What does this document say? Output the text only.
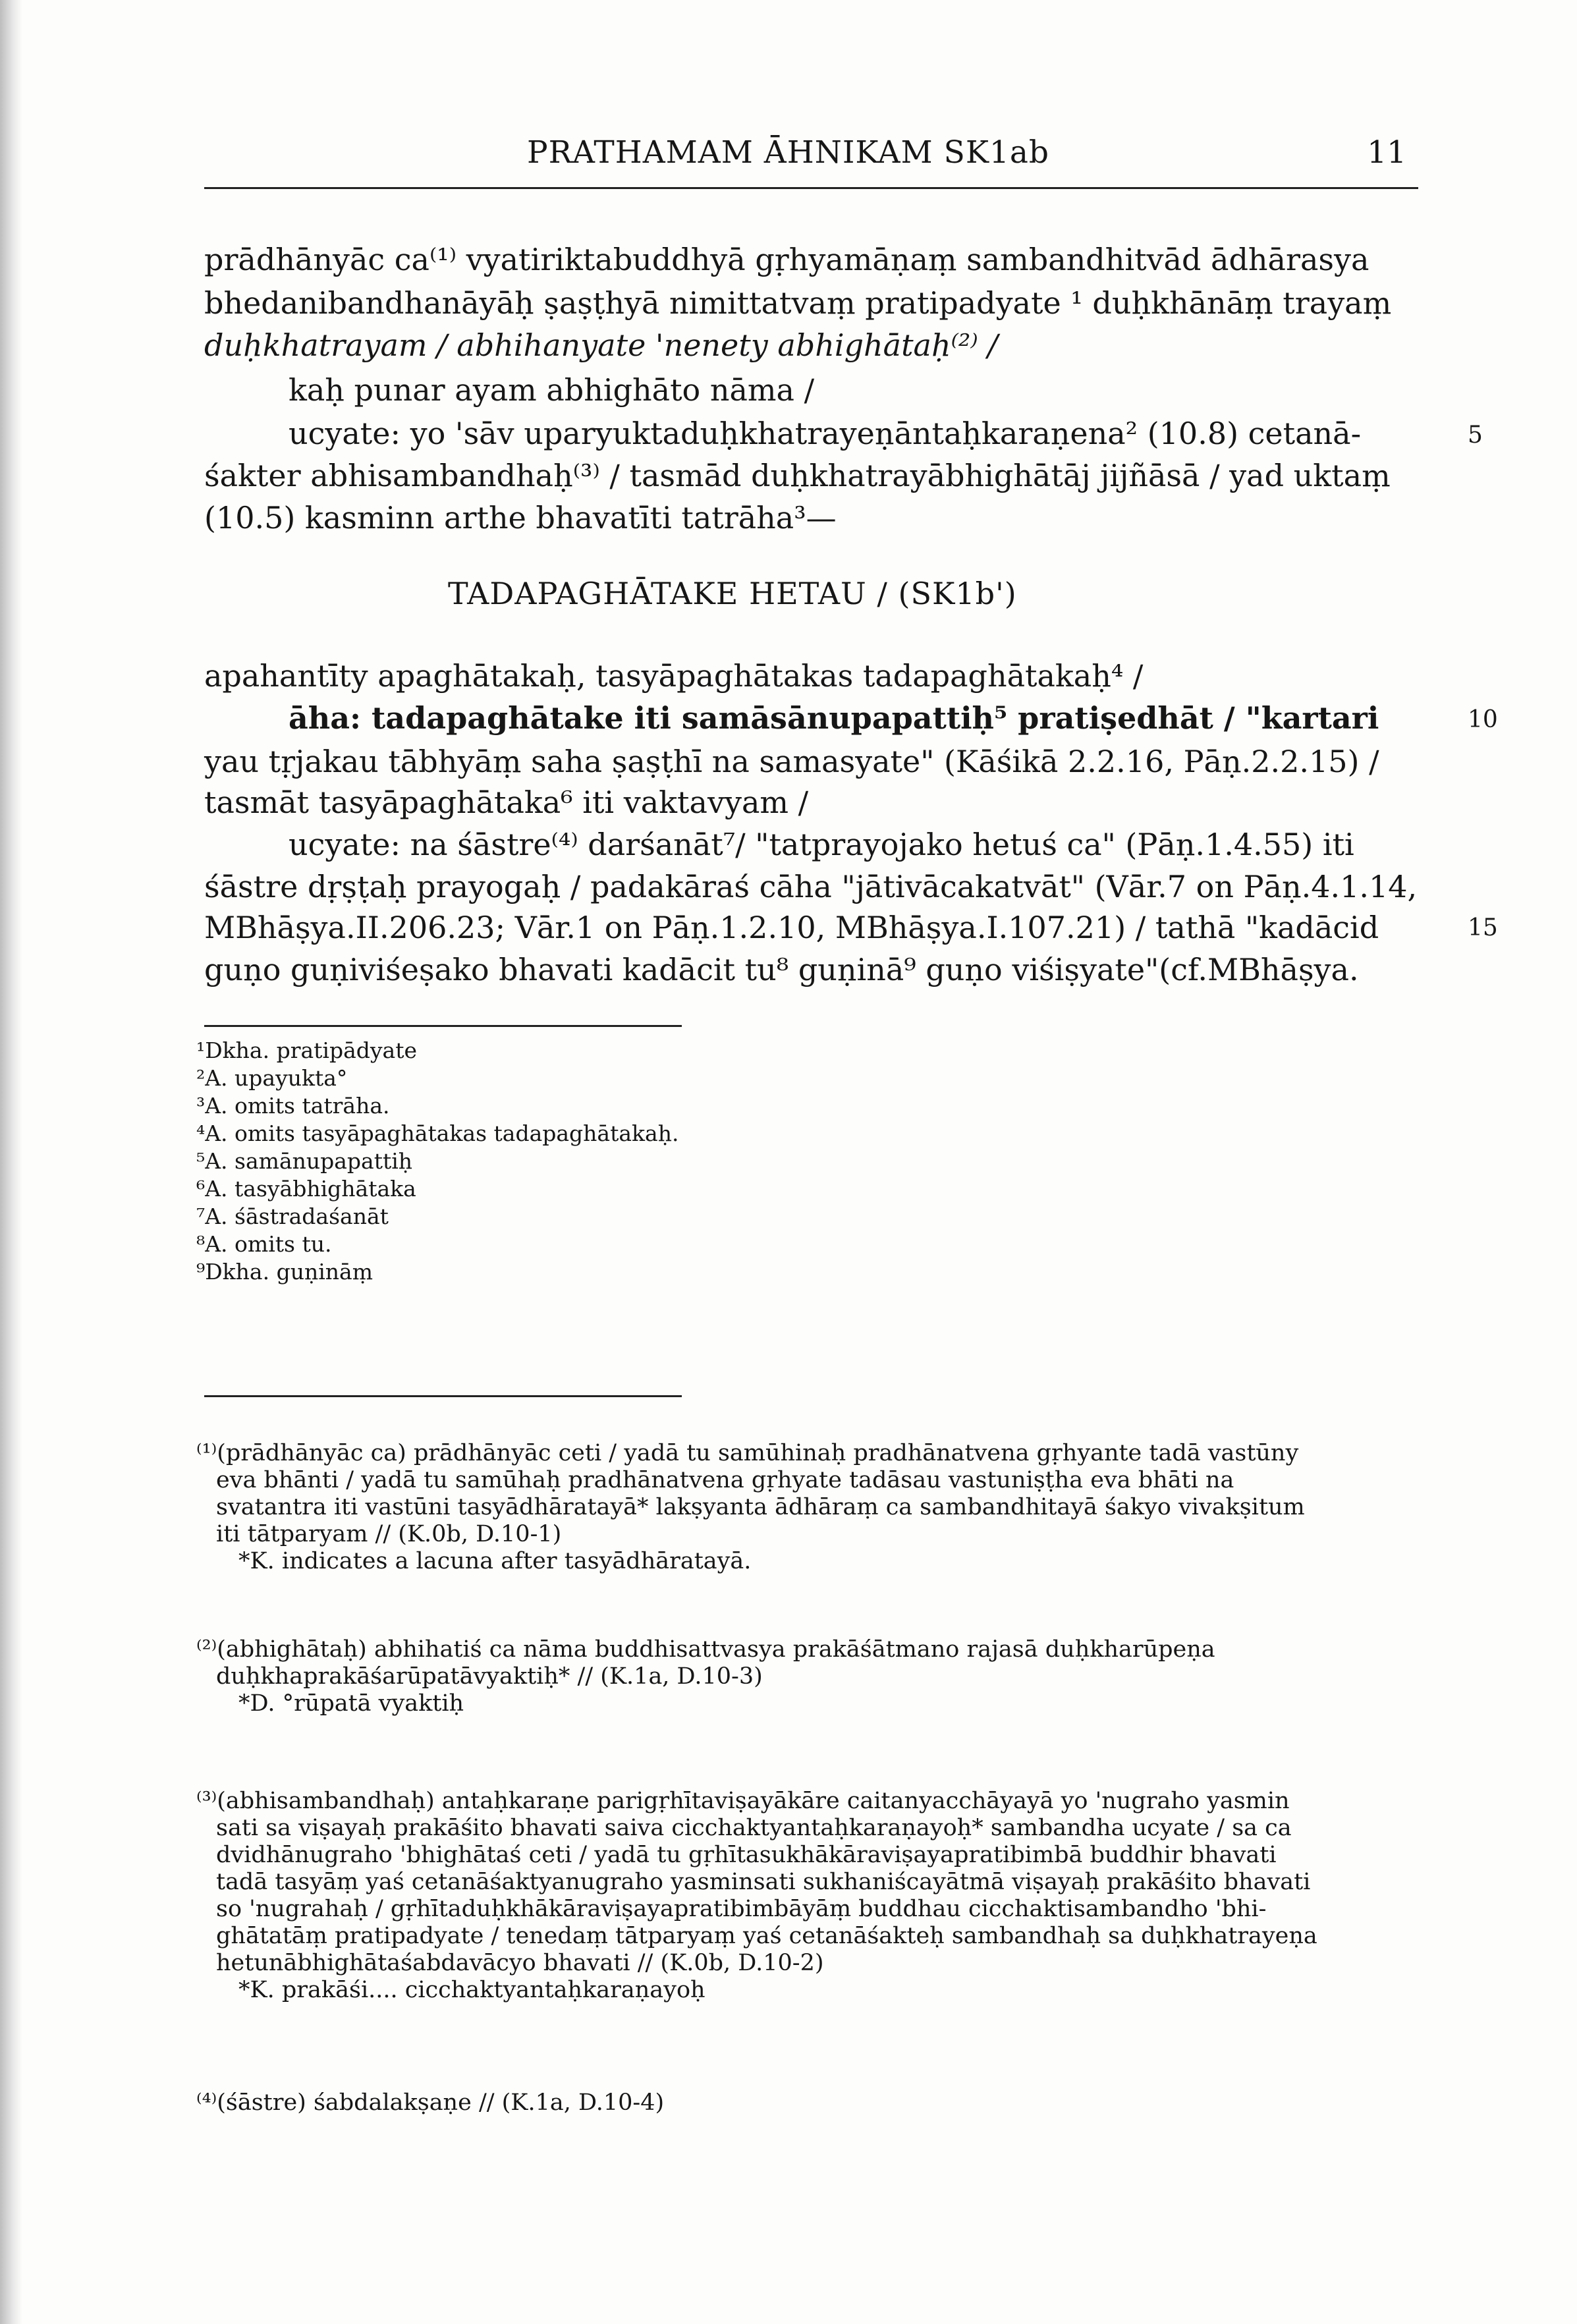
PRATHAMAM ĀHNIKAM SK1ab	11
prādhānyāc ca⁽¹⁾ vyatiriktabuddhyā gṛhyamāṇaṃ sambandhitvād ādhārasya
bhedanibandhanāyāḥ ṣaṣṭhyā nimittatvaṃ pratipadyate ¹ duḥkhānāṃ trayaṃ
duḥkhatrayam / abhihanyate 'nenety abhighātaḥ⁽²⁾ /
kaḥ punar ayam abhighāto nāma /
ucyate: yo 'sāv uparyuktaduḥkhatrayeṇāntaḥkaraṇena² (10.8) cetanā-
śakter abhisambandhaḥ⁽³⁾ / tasmād duḥkhatrayābhighātāj jijñāsā / yad uktaṃ
(10.5) kasminn arthe bhavatīti tatrāha³—
TADAPAGHĀTAKE HETAU / (SK1b')
apahantīty apaghātakaḥ, tasyāpaghātakas tadapaghātakaḥ⁴ /
āha: tadapaghātake iti samāsānupapattiḥ⁵ pratiṣedhāt / "kartari
yau tṛjakau tābhyāṃ saha ṣaṣṭhī na samasyate" (Kāśikā 2.2.16, Pāṇ.2.2.15) /
tasmāt tasyāpaghātaka⁶ iti vaktavyam /
ucyate: na śāstre⁽⁴⁾ darśanāt⁷/ "tatprayojako hetuś ca" (Pāṇ.1.4.55) iti
śāstre dṛṣṭaḥ prayogaḥ / padakāraś cāha "jātivācakatvāt" (Vār.7 on Pāṇ.4.1.14,
MBhāṣya.II.206.23; Vār.1 on Pāṇ.1.2.10, MBhāṣya.I.107.21) / tathā "kadācid
guṇo guṇiviśeṣako bhavati kadācit tu⁸ guṇinā⁹ guṇo viśiṣyate"(cf.MBhāṣya.
5
10
15
¹Dkha. pratipādyate
²A. upayukta°
³A. omits tatrāha.
⁴A. omits tasyāpaghātakas tadapaghātakaḥ.
⁵A. samānupapattiḥ
⁶A. tasyābhighātaka
⁷A. śāstradaśanāt
⁸A. omits tu.
⁹Dkha. guṇināṃ
⁽¹⁾(prādhānyāc ca) prādhānyāc ceti / yadā tu samūhinaḥ pradhānatvena gṛhyante tadā vastūny
eva bhānti / yadā tu samūhaḥ pradhānatvena gṛhyate tadāsau vastuniṣṭha eva bhāti na
svatantra iti vastūni tasyādhāratayā* lakṣyanta ādhāraṃ ca sambandhitayā śakyo vivakṣitum
iti tātparyam // (K.0b, D.10-1)
*K. indicates a lacuna after tasyādhāratayā.
⁽²⁾(abhighātaḥ) abhihatiś ca nāma buddhisattvasya prakāśātmano rajasā duḥkharūpeṇa
duḥkhaprakāśarūpatāvyaktiḥ* // (K.1a, D.10-3)
*D. °rūpatā vyaktiḥ
⁽³⁾(abhisambandhaḥ) antaḥkaraṇe parigṛhītaviṣayākāre caitanyacchāyayā yo 'nugraho yasmin
sati sa viṣayaḥ prakāśito bhavati saiva cicchaktyantaḥkaraṇayoḥ* sambandha ucyate / sa ca
dvidhānugraho 'bhighātaś ceti / yadā tu gṛhītasukhākāraviṣayapratibimbā buddhir bhavati
tadā tasyāṃ yaś cetanāśaktyanugraho yasminsati sukhaniścayātmā viṣayaḥ prakāśito bhavati
so 'nugrahaḥ / gṛhītaduḥkhākāraviṣayapratibimbāyāṃ buddhau cicchaktisambandho 'bhi-
ghātatāṃ pratipadyate / tenedaṃ tātparyaṃ yaś cetanāśakteḥ sambandhaḥ sa duḥkhatrayeṇa
hetunābhighātaśabdavācyo bhavati // (K.0b, D.10-2)
*K. prakāśi.... cicchaktyantaḥkaraṇayoḥ
⁽⁴⁾(śāstre) śabdalakṣaṇe // (K.1a, D.10-4)
